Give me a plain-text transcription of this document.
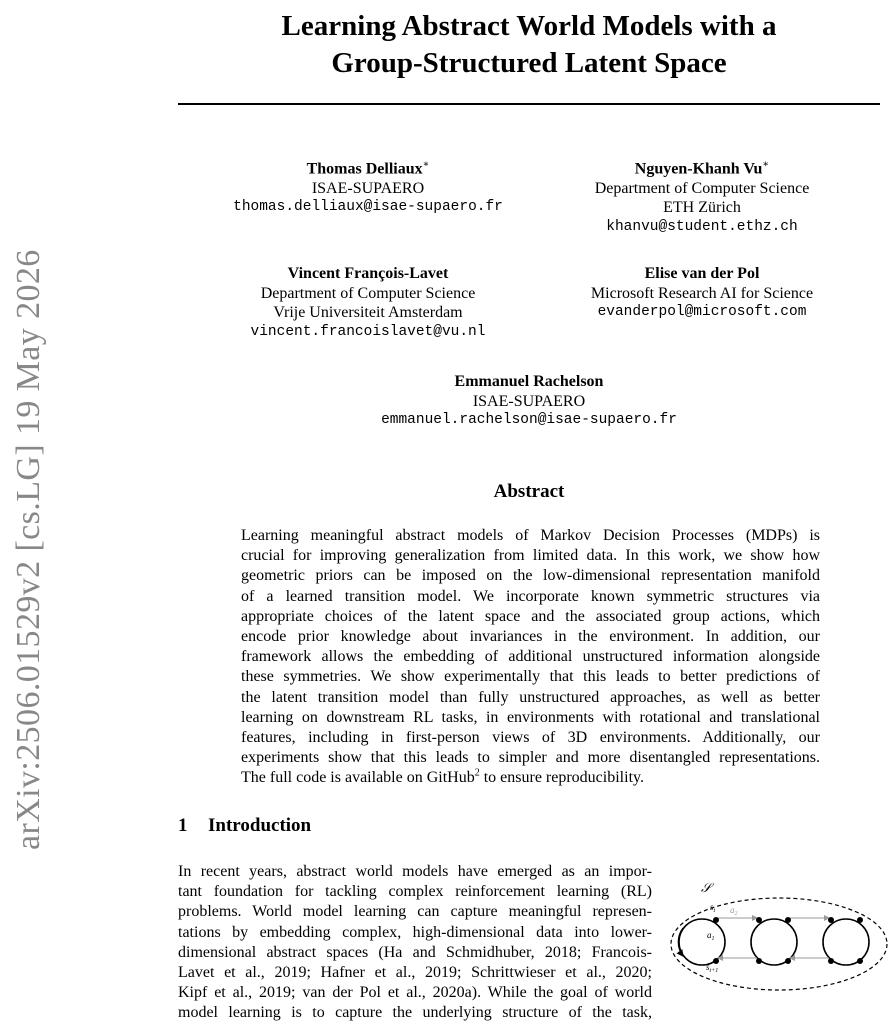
arXiv:2506.01529v2 [cs.LG] 19 May 2026
Learning Abstract World Models with a
Group-Structured Latent Space
Thomas Delliaux∗
ISAE-SUPAERO
thomas.delliaux@isae-supaero.fr
Nguyen-Khanh Vu∗
Department of Computer Science
ETH Zürich
khanvu@student.ethz.ch
Vincent François-Lavet
Department of Computer Science
Vrije Universiteit Amsterdam
vincent.francoislavet@vu.nl
Elise van der Pol
Microsoft Research AI for Science
evanderpol@microsoft.com
Emmanuel Rachelson
ISAE-SUPAERO
emmanuel.rachelson@isae-supaero.fr
Abstract
Learning meaningful abstract models of Markov Decision Processes (MDPs) is
crucial for improving generalization from limited data. In this work, we show how
geometric priors can be imposed on the low-dimensional representation manifold
of a learned transition model. We incorporate known symmetric structures via
appropriate choices of the latent space and the associated group actions, which
encode prior knowledge about invariances in the environment. In addition, our
framework allows the embedding of additional unstructured information alongside
these symmetries. We show experimentally that this leads to better predictions of
the latent transition model than fully unstructured approaches, as well as better
learning on downstream RL tasks, in environments with rotational and translational
features, including in first-person views of 3D environments. Additionally, our
experiments show that this leads to simpler and more disentangled representations.
The full code is available on GitHub$^2$ to ensure reproducibility.
1 Introduction
In recent years, abstract world models have emerged as an impor-
tant foundation for tackling complex reinforcement learning (RL)
problems. World model learning can capture meaningful represen-
tations by embedding complex, high-dimensional data into lower-
dimensional abstract spaces (Ha and Schmidhuber, 2018; Francois-
Lavet et al., 2019; Hafner et al., 2019; Schrittwieser et al., 2020;
Kipf et al., 2019; van der Pol et al., 2020a). While the goal of world
model learning is to capture the underlying structure of the task,
𝒮
$s_t$ $a_2$
$a_1$
$s_{t+1}$
